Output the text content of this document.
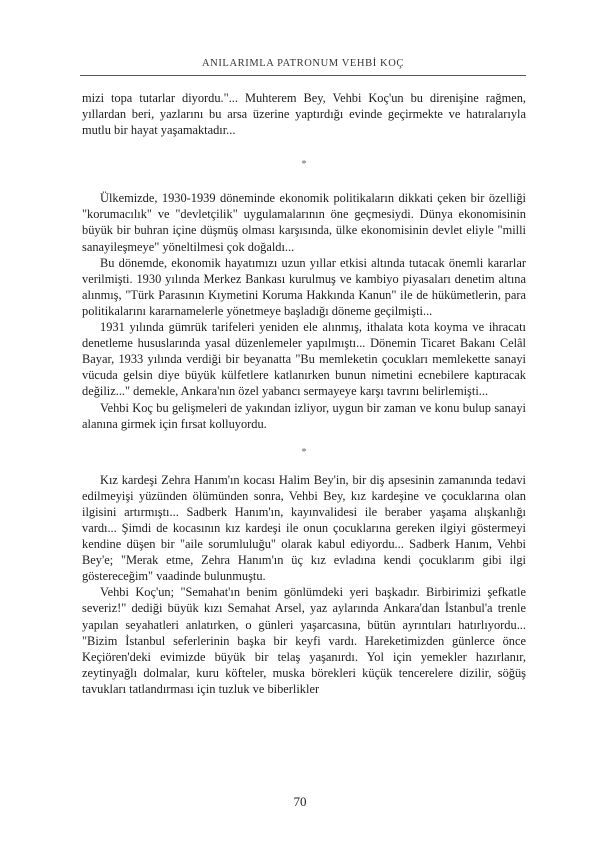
ANILARIMLA PATRONUM VEHBİ KOÇ

mizi topa tutarlar diyordu."... Muhterem Bey, Vehbi Koç'un bu direnişine rağmen, yıllardan beri, yazlarını bu arsa üzerine yaptırdığı evinde geçirmekte ve hatıralarıyla mutlu bir hayat yaşamaktadır...

*

Ülkemizde, 1930-1939 döneminde ekonomik politikaların dikkati çeken bir özelliği "korumacılık" ve "devletçilik" uygulamalarının öne geçmesiydi. Dünya ekonomisinin büyük bir buhran içine düşmüş olması karşısında, ülke ekonomisinin devlet eliyle "milli sanayileşmeye" yöneltilmesi çok doğaldı...

Bu dönemde, ekonomik hayatımızı uzun yıllar etkisi altında tutacak önemli kararlar verilmişti. 1930 yılında Merkez Bankası kurulmuş ve kambiyo piyasaları denetim altına alınmış, "Türk Parasının Kıymetini Koruma Hakkında Kanun" ile de hükümetlerin, para politikalarını kararnamelerle yönetmeye başladığı döneme geçilmişti...

1931 yılında gümrük tarifeleri yeniden ele alınmış, ithalata kota koyma ve ihracatı denetleme hususlarında yasal düzenlemeler yapılmıştı... Dönemin Ticaret Bakanı Celâl Bayar, 1933 yılında verdiği bir beyanatta "Bu memleketin çocukları memlekette sanayi vücuda gelsin diye büyük külfetlere katlanırken bunun nimetini ecnebilere kaptıracak değiliz..." demekle, Ankara'nın özel yabancı sermayeye karşı tavrını belirlemişti...

Vehbi Koç bu gelişmeleri de yakından izliyor, uygun bir zaman ve konu bulup sanayi alanına girmek için fırsat kolluyordu.

*

Kız kardeşi Zehra Hanım'ın kocası Halim Bey'in, bir diş apsesinin zamanında tedavi edilmeyişi yüzünden ölümünden sonra, Vehbi Bey, kız kardeşine ve çocuklarına olan ilgisini artırmıştı... Sadberk Hanım'ın, kayınvalidesi ile beraber yaşama alışkanlığı vardı... Şimdi de kocasının kız kardeşi ile onun çocuklarına gereken ilgiyi göstermeyi kendine düşen bir "aile sorumluluğu" olarak kabul ediyordu... Sadberk Hanım, Vehbi Bey'e; "Merak etme, Zehra Hanım'ın üç kız evladına kendi çocuklarım gibi ilgi göstereceğim" vaadinde bulunmuştu.

Vehbi Koç'un; "Semahat'ın benim gönlümdeki yeri başkadır. Birbirimizi şefkatle severiz!" dediği büyük kızı Semahat Arsel, yaz aylarında Ankara'dan İstanbul'a trenle yapılan seyahatleri anlatırken, o günleri yaşarcasına, bütün ayrıntıları hatırlıyordu... "Bizim İstanbul seferlerinin başka bir keyfi vardı. Hareketimizden günlerce önce Keçiören'deki evimizde büyük bir telaş yaşanırdı. Yol için yemekler hazırlanır, zeytinyağlı dolmalar, kuru köfteler, muska börekleri küçük tencerelere dizilir, söğüş tavukları tatlandırması için tuzluk ve biberlikler

70
